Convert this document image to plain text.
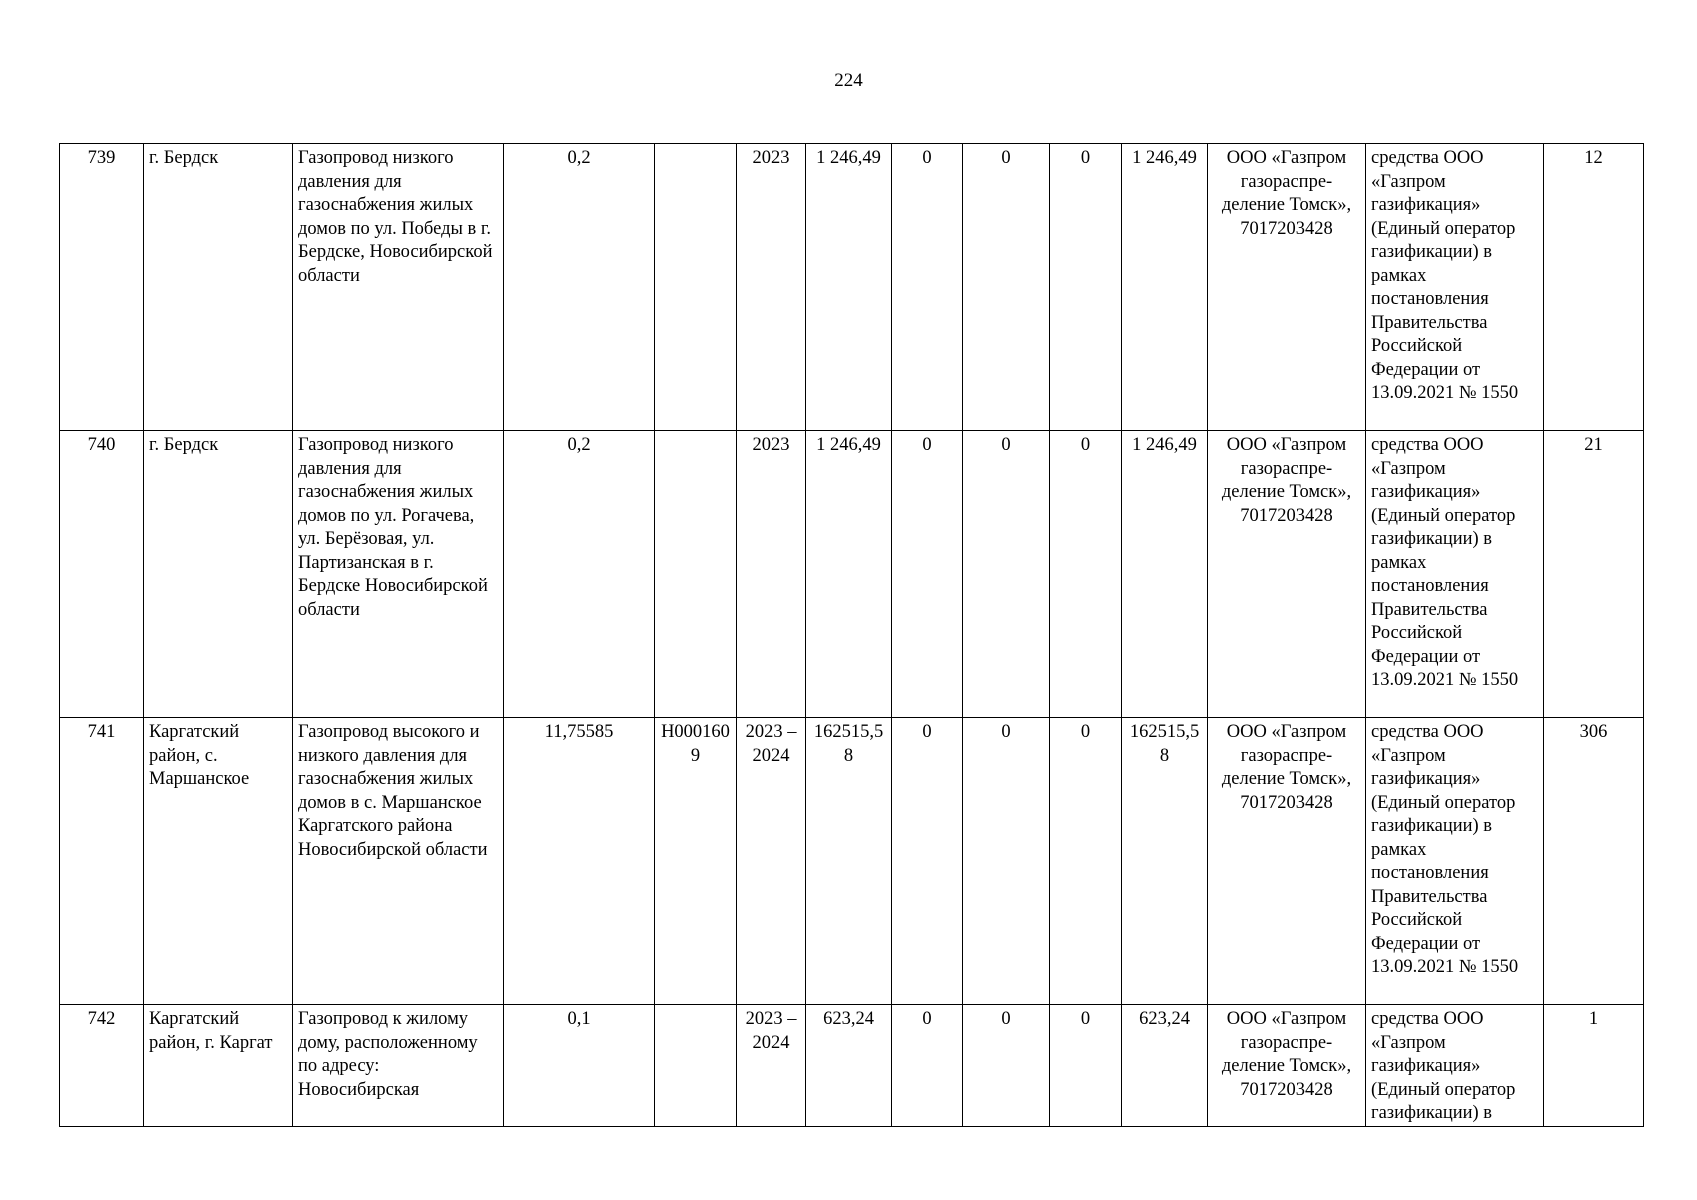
224
739	г. Бердск	Газопровод низкого давления для газоснабжения жилых домов по ул. Победы в г. Бердске, Новосибирской области	0,2		2023	1 246,49	0	0	0	1 246,49	ООО «Газпром газораспре-деление Томск», 7017203428	средства ООО «Газпром газификация» (Единый оператор газификации) в рамках постановления Правительства Российской Федерации от 13.09.2021 № 1550	12
740	г. Бердск	Газопровод низкого давления для газоснабжения жилых домов по ул. Рогачева, ул. Берёзовая, ул. Партизанская в г. Бердске Новосибирской области	0,2		2023	1 246,49	0	0	0	1 246,49	ООО «Газпром газораспре-деление Томск», 7017203428	средства ООО «Газпром газификация» (Единый оператор газификации) в рамках постановления Правительства Российской Федерации от 13.09.2021 № 1550	21
741	Каргатский район, с. Маршанское	Газопровод высокого и низкого давления для газоснабжения жилых домов в с. Маршанское Каргатского района Новосибирской области	11,75585	Н0001609	2023 – 2024	162515,58	0	0	0	162515,58	ООО «Газпром газораспре-деление Томск», 7017203428	средства ООО «Газпром газификация» (Единый оператор газификации) в рамках постановления Правительства Российской Федерации от 13.09.2021 № 1550	306
742	Каргатский район, г. Каргат	Газопровод к жилому дому, расположенному по адресу: Новосибирская	0,1		2023 – 2024	623,24	0	0	0	623,24	ООО «Газпром газораспре-деление Томск», 7017203428	средства ООО «Газпром газификация» (Единый оператор газификации) в	1
